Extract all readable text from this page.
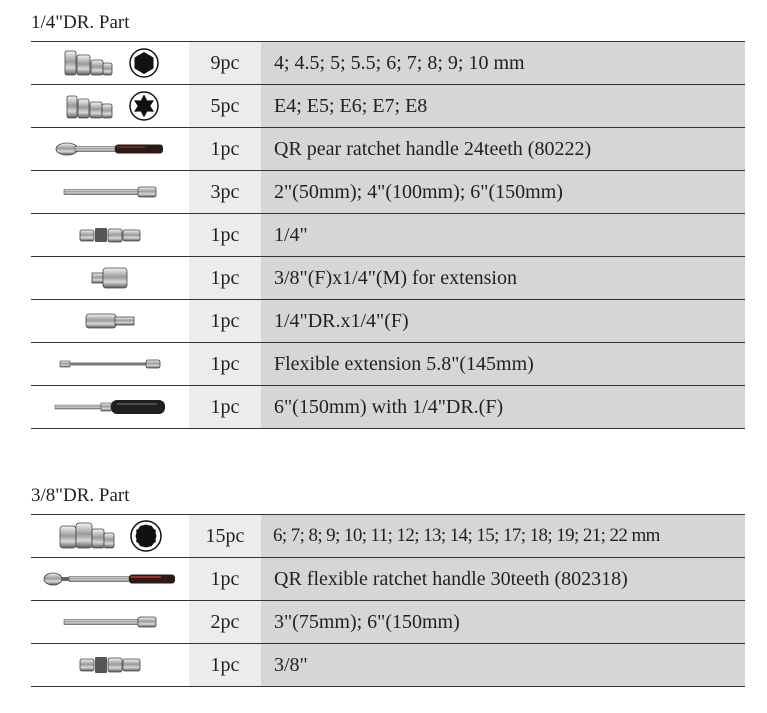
1/4"DR. Part
9pc	4; 4.5; 5; 5.5; 6; 7; 8; 9; 10 mm
5pc	E4; E5; E6; E7; E8
1pc	QR pear ratchet handle 24teeth (80222)
3pc	2"(50mm); 4"(100mm); 6"(150mm)
1pc	1/4"
1pc	3/8"(F)x1/4"(M) for extension
1pc	1/4"DR.x1/4"(F)
1pc	Flexible extension 5.8"(145mm)
1pc	6"(150mm) with 1/4"DR.(F)
3/8"DR. Part
15pc	6; 7; 8; 9; 10; 11; 12; 13; 14; 15; 17; 18; 19; 21; 22 mm
1pc	QR flexible ratchet handle 30teeth (802318)
2pc	3"(75mm); 6"(150mm)
1pc	3/8"
